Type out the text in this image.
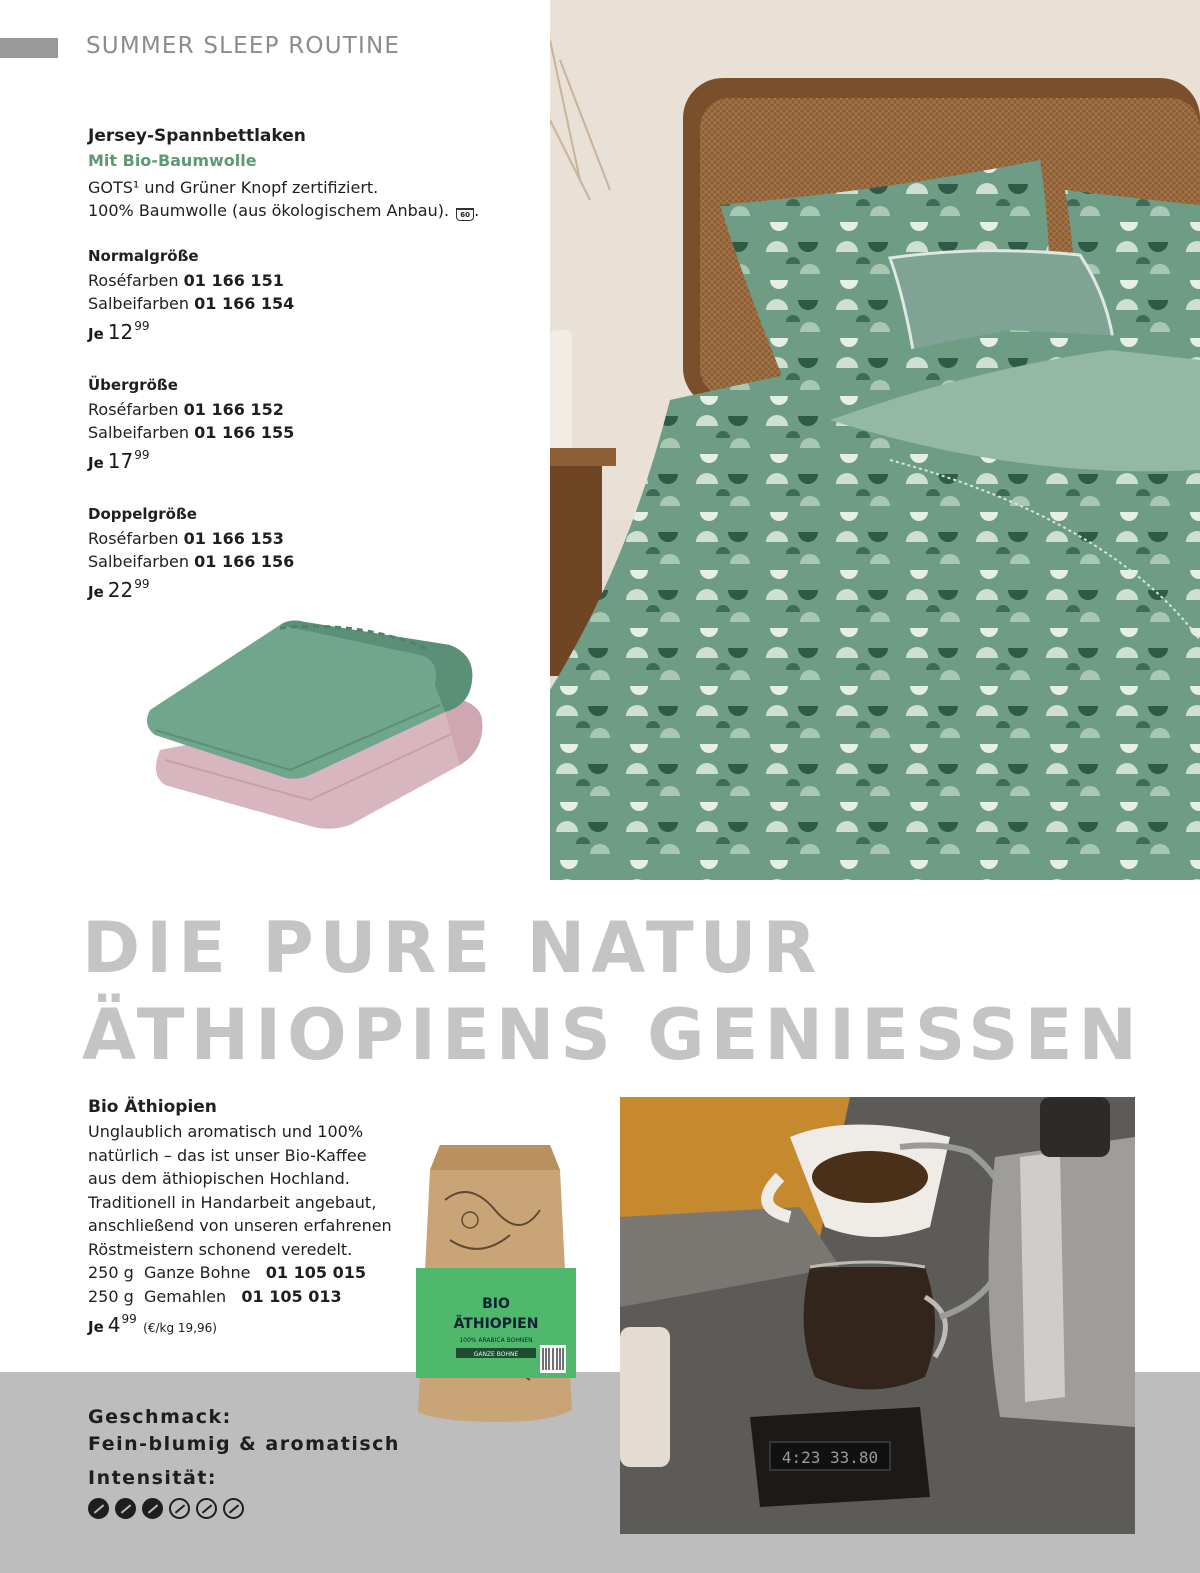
SUMMER SLEEP ROUTINE
Jersey-Spannbettlaken
Mit Bio-Baumwolle
GOTS¹ und Grüner Knopf zertifiziert.
100% Baumwolle (aus ökologischem Anbau). 60 .
Normalgröße
Roséfarben 01 166 151
Salbeifarben 01 166 154
Je $12^{99}$
Übergröße
Roséfarben 01 166 152
Salbeifarben 01 166 155
Je $17^{99}$
Doppelgröße
Roséfarben 01 166 153
Salbeifarben 01 166 156
Je $22^{99}$
DIE PURE NATUR
ÄTHIOPIENS GENIESSEN
Bio Äthiopien
Unglaublich aromatisch und 100%
natürlich – das ist unser Bio-Kaffee
aus dem äthiopischen Hochland.
Traditionell in Handarbeit angebaut,
anschließend von unseren erfahrenen
Röstmeistern schonend veredelt.
250 g  Ganze Bohne 01 105 015
250 g  Gemahlen 01 105 013
Je $4^{99}$ (€/kg 19,96)
BIO
ÄTHIOPIEN
100% ARABICA BOHNEN
GANZE BOHNE
4:23 33.80
Geschmack:
Fein-blumig & aromatisch
Intensität:
